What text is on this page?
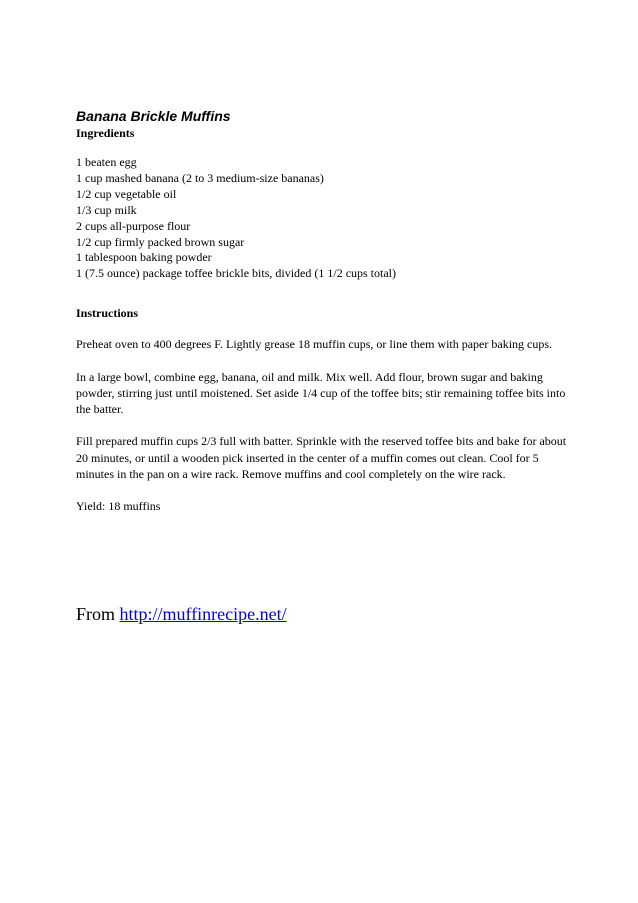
Banana Brickle Muffins
Ingredients
1 beaten egg
1 cup mashed banana (2 to 3 medium-size bananas)
1/2 cup vegetable oil
1/3 cup milk
2 cups all-purpose flour
1/2 cup firmly packed brown sugar
1 tablespoon baking powder
1 (7.5 ounce) package toffee brickle bits, divided (1 1/2 cups total)
Instructions

Preheat oven to 400 degrees F. Lightly grease 18 muffin cups, or line them with paper baking cups.

In a large bowl, combine egg, banana, oil and milk. Mix well. Add flour, brown sugar and baking powder, stirring just until moistened. Set aside 1/4 cup of the toffee bits; stir remaining toffee bits into the batter.

Fill prepared muffin cups 2/3 full with batter. Sprinkle with the reserved toffee bits and bake for about 20 minutes, or until a wooden pick inserted in the center of a muffin comes out clean. Cool for 5 minutes in the pan on a wire rack. Remove muffins and cool completely on the wire rack.

Yield: 18 muffins

From http://muffinrecipe.net/
